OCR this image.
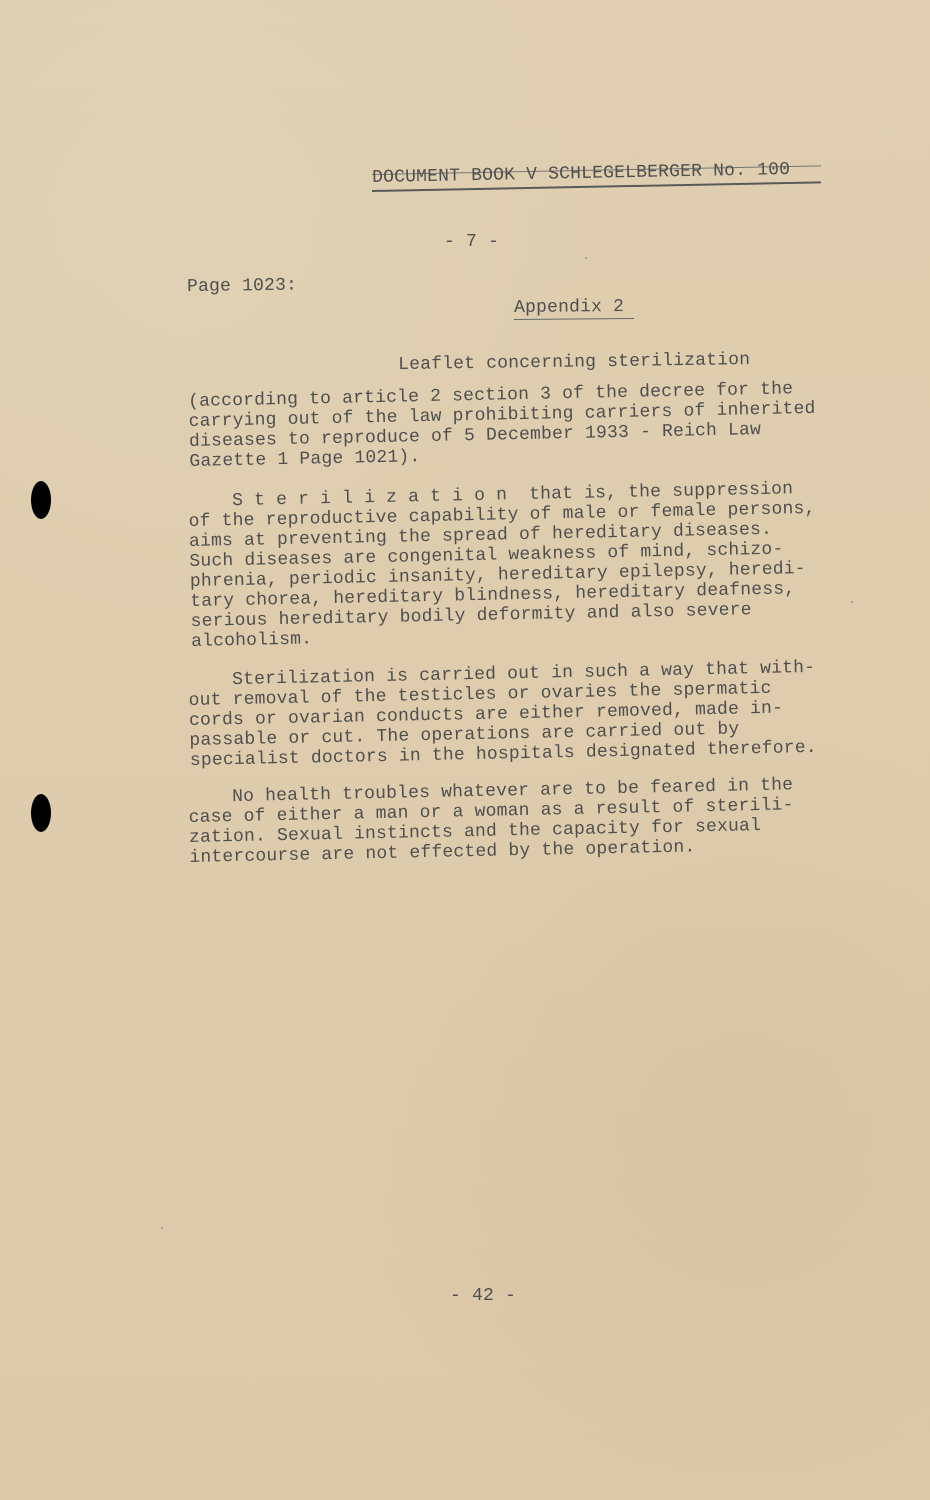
DOCUMENT BOOK V SCHLEGELBERGER No. 100
- 7 -
Page 1023:
Appendix 2
Leaflet concerning sterilization
(according to article 2 section 3 of the decree for the
carrying out of the law prohibiting carriers of inherited
diseases to reproduce of 5 December 1933 - Reich Law
Gazette 1 Page 1021).
S t e r i l i z a t i o n  that is, the suppression
of the reproductive capability of male or female persons,
aims at preventing the spread of hereditary diseases.
Such diseases are congenital weakness of mind, schizo-
phrenia, periodic insanity, hereditary epilepsy, heredi-
tary chorea, hereditary blindness, hereditary deafness,
serious hereditary bodily deformity and also severe
alcoholism.
Sterilization is carried out in such a way that with-
out removal of the testicles or ovaries the spermatic
cords or ovarian conducts are either removed, made in-
passable or cut. The operations are carried out by
specialist doctors in the hospitals designated therefore.
No health troubles whatever are to be feared in the
case of either a man or a woman as a result of sterili-
zation. Sexual instincts and the capacity for sexual
intercourse are not effected by the operation.
- 42 -
